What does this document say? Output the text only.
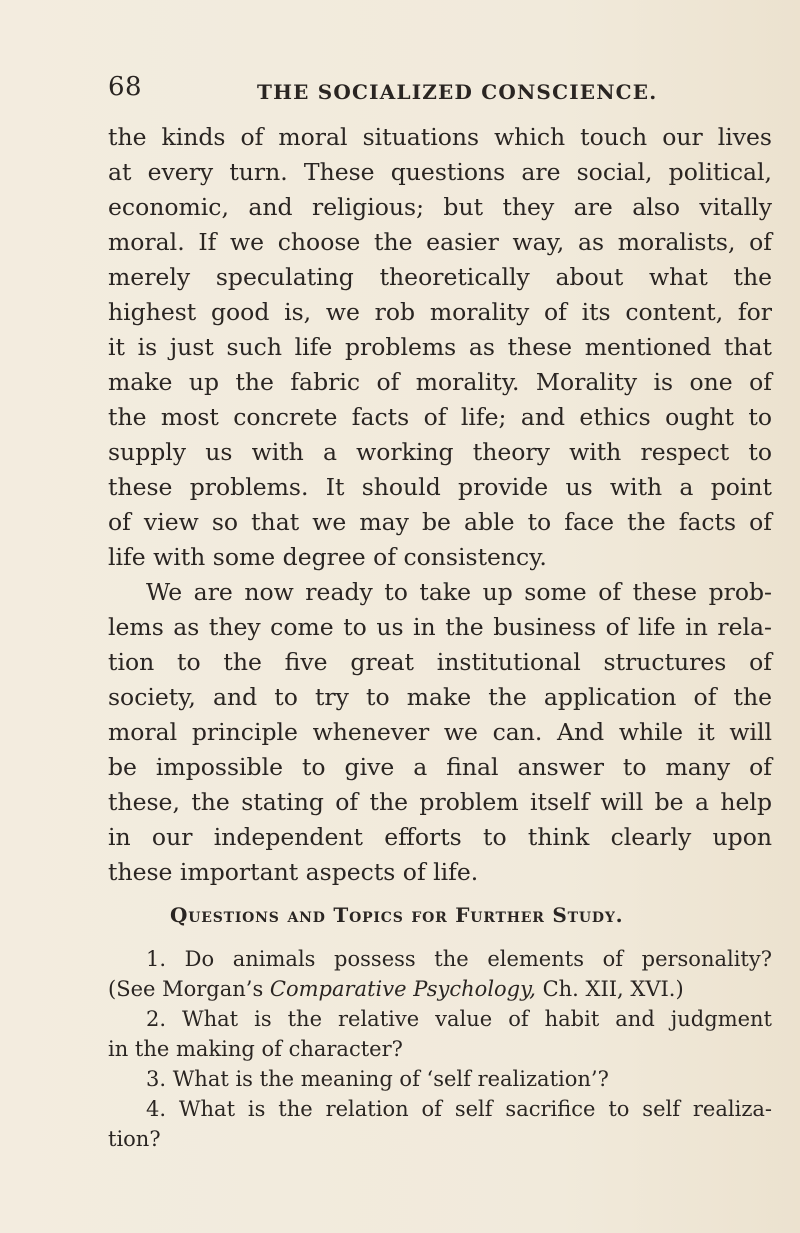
68	THE SOCIALIZED CONSCIENCE.
the kinds of moral situations which touch our lives
at every turn. These questions are social, political,
economic, and religious; but they are also vitally
moral. If we choose the easier way, as moralists, of
merely speculating theoretically about what the
highest good is, we rob morality of its content, for
it is just such life problems as these mentioned that
make up the fabric of morality. Morality is one of
the most concrete facts of life; and ethics ought to
supply us with a working theory with respect to
these problems. It should provide us with a point
of view so that we may be able to face the facts of
life with some degree of consistency.
We are now ready to take up some of these prob-
lems as they come to us in the business of life in rela-
tion to the five great institutional structures of
society, and to try to make the application of the
moral principle whenever we can. And while it will
be impossible to give a final answer to many of
these, the stating of the problem itself will be a help
in our independent efforts to think clearly upon
these important aspects of life.
Questions and Topics for Further Study.
1. Do animals possess the elements of personality?
(See Morgan’s Comparative Psychology, Ch. XII, XVI.)
2. What is the relative value of habit and judgment
in the making of character?
3. What is the meaning of ‘self realization’?
4. What is the relation of self sacrifice to self realiza-
tion?
